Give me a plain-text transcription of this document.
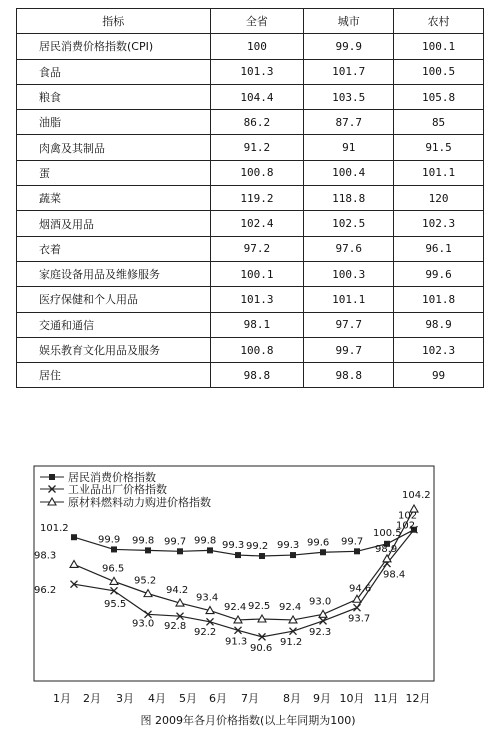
指标	全省	城市	农村
居民消费价格指数(CPI)	100	99.9	100.1
食品	101.3	101.7	100.5
粮食	104.4	103.5	105.8
油脂	86.2	87.7	85
肉禽及其制品	91.2	91	91.5
蛋	100.8	100.4	101.1
蔬菜	119.2	118.8	120
烟酒及用品	102.4	102.5	102.3
衣着	97.2	97.6	96.1
家庭设备用品及维修服务	100.1	100.3	99.6
医疗保健和个人用品	101.3	101.1	101.8
交通和通信	98.1	97.7	98.9
娱乐教育文化用品及服务	100.8	99.7	102.3
居住	98.8	98.8	99
居民消费价格指数
工业品出厂价格指数
原材料燃料动力购进价格指数
101.2
99.9 99.8 99.7 99.8 99.3 99.2 99.3 99.6 99.7
100.5
102
96.2
95.5
93.0 92.8
92.2
91.3
90.6
91.2
92.3
93.7
98.4
102
98.3
96.5
95.2
94.2
93.4
92.4 92.5 92.4
93.0
94.6
98.9
104.2
1月 2月 3月 4月 5月 6月 7月 8月 9月 10月 11月 12月
图 2009年各月价格指数(以上年同期为100)
